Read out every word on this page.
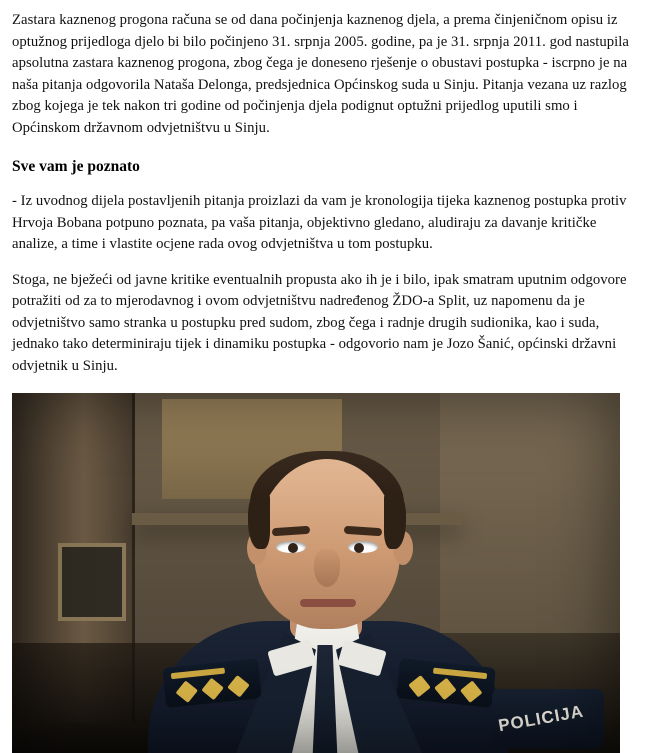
Zastara kaznenog progona računa se od dana počinjenja kaznenog djela, a prema činjeničnom opisu iz optužnog prijedloga djelo bi bilo počinjeno 31. srpnja 2005. godine, pa je 31. srpnja 2011. god nastupila apsolutna zastara kaznenog progona, zbog čega je doneseno rješenje o obustavi postupka - iscrpno je na naša pitanja odgovorila Nataša Delonga, predsjednica Općinskog suda u Sinju. Pitanja vezana uz razlog zbog kojega je tek nakon tri godine od počinjenja djela podignut optužni prijedlog uputili smo i Općinskom državnom odvjetništvu u Sinju.

Sve vam je poznato

- Iz uvodnog dijela postavljenih pitanja proizlazi da vam je kronologija tijeka kaznenog postupka protiv Hrvoja Bobana potpuno poznata, pa vaša pitanja, objektivno gledano, aludiraju za davanje kritičke analize, a time i vlastite ocjene rada ovog odvjetništva u tom postupku.

Stoga, ne bježeći od javne kritike eventualnih propusta ako ih je i bilo, ipak smatram uputnim odgovore potražiti od za to mjerodavnog i ovom odvjetništvu nadređenog ŽDO-a Split, uz napomenu da je odvjetništvo samo stranka u postupku pred sudom, zbog čega i radnje drugih sudionika, kao i suda, jednako tako determiniraju tijek i dinamiku postupka - odgovorio nam je Jozo Šanić, općinski državni odvjetnik u Sinju.

POLICIJA
